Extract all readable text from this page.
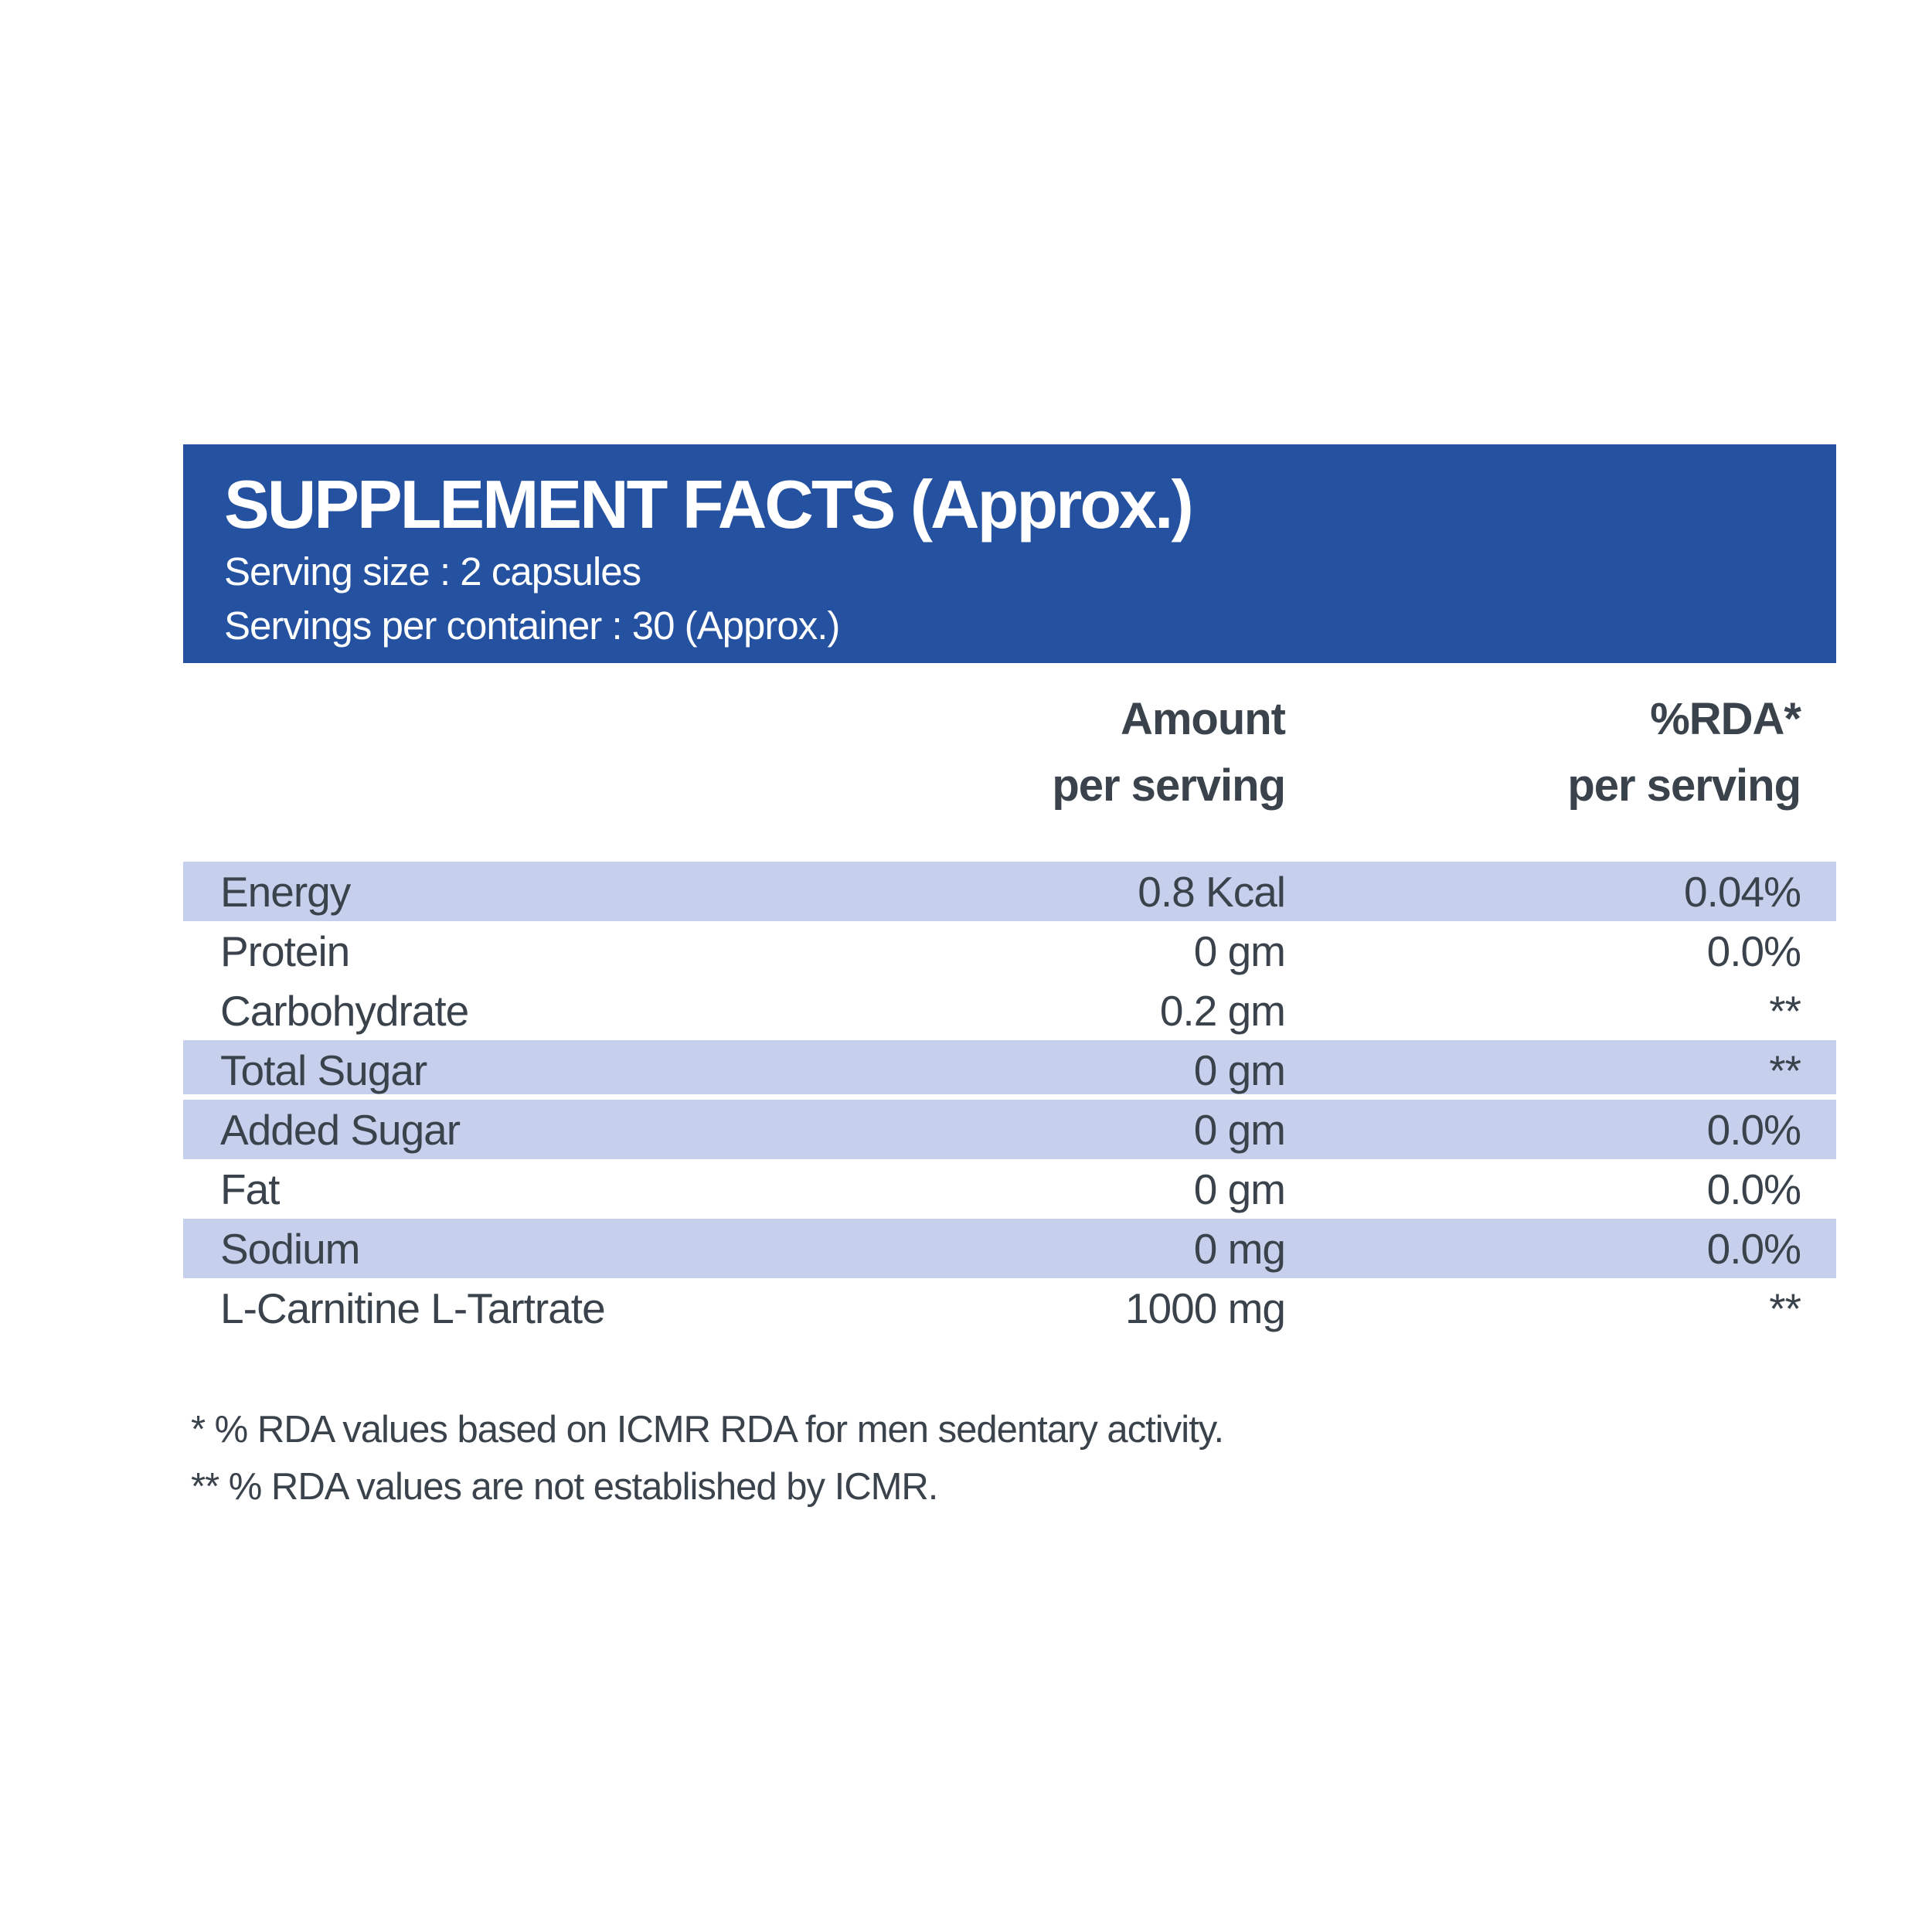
SUPPLEMENT FACTS (Approx.)
Serving size : 2 capsules
Servings per container : 30 (Approx.)
Amount
per serving
%RDA*
per serving
Energy	0.8 Kcal	0.04%
Protein	0 gm	0.0%
Carbohydrate	0.2 gm	**
Total Sugar	0 gm	**
Added Sugar	0 gm	0.0%
Fat	0 gm	0.0%
Sodium	0 mg	0.0%
L-Carnitine L-Tartrate	1000 mg	**
* % RDA values based on ICMR RDA for men sedentary activity.
** % RDA values are not established by ICMR.
